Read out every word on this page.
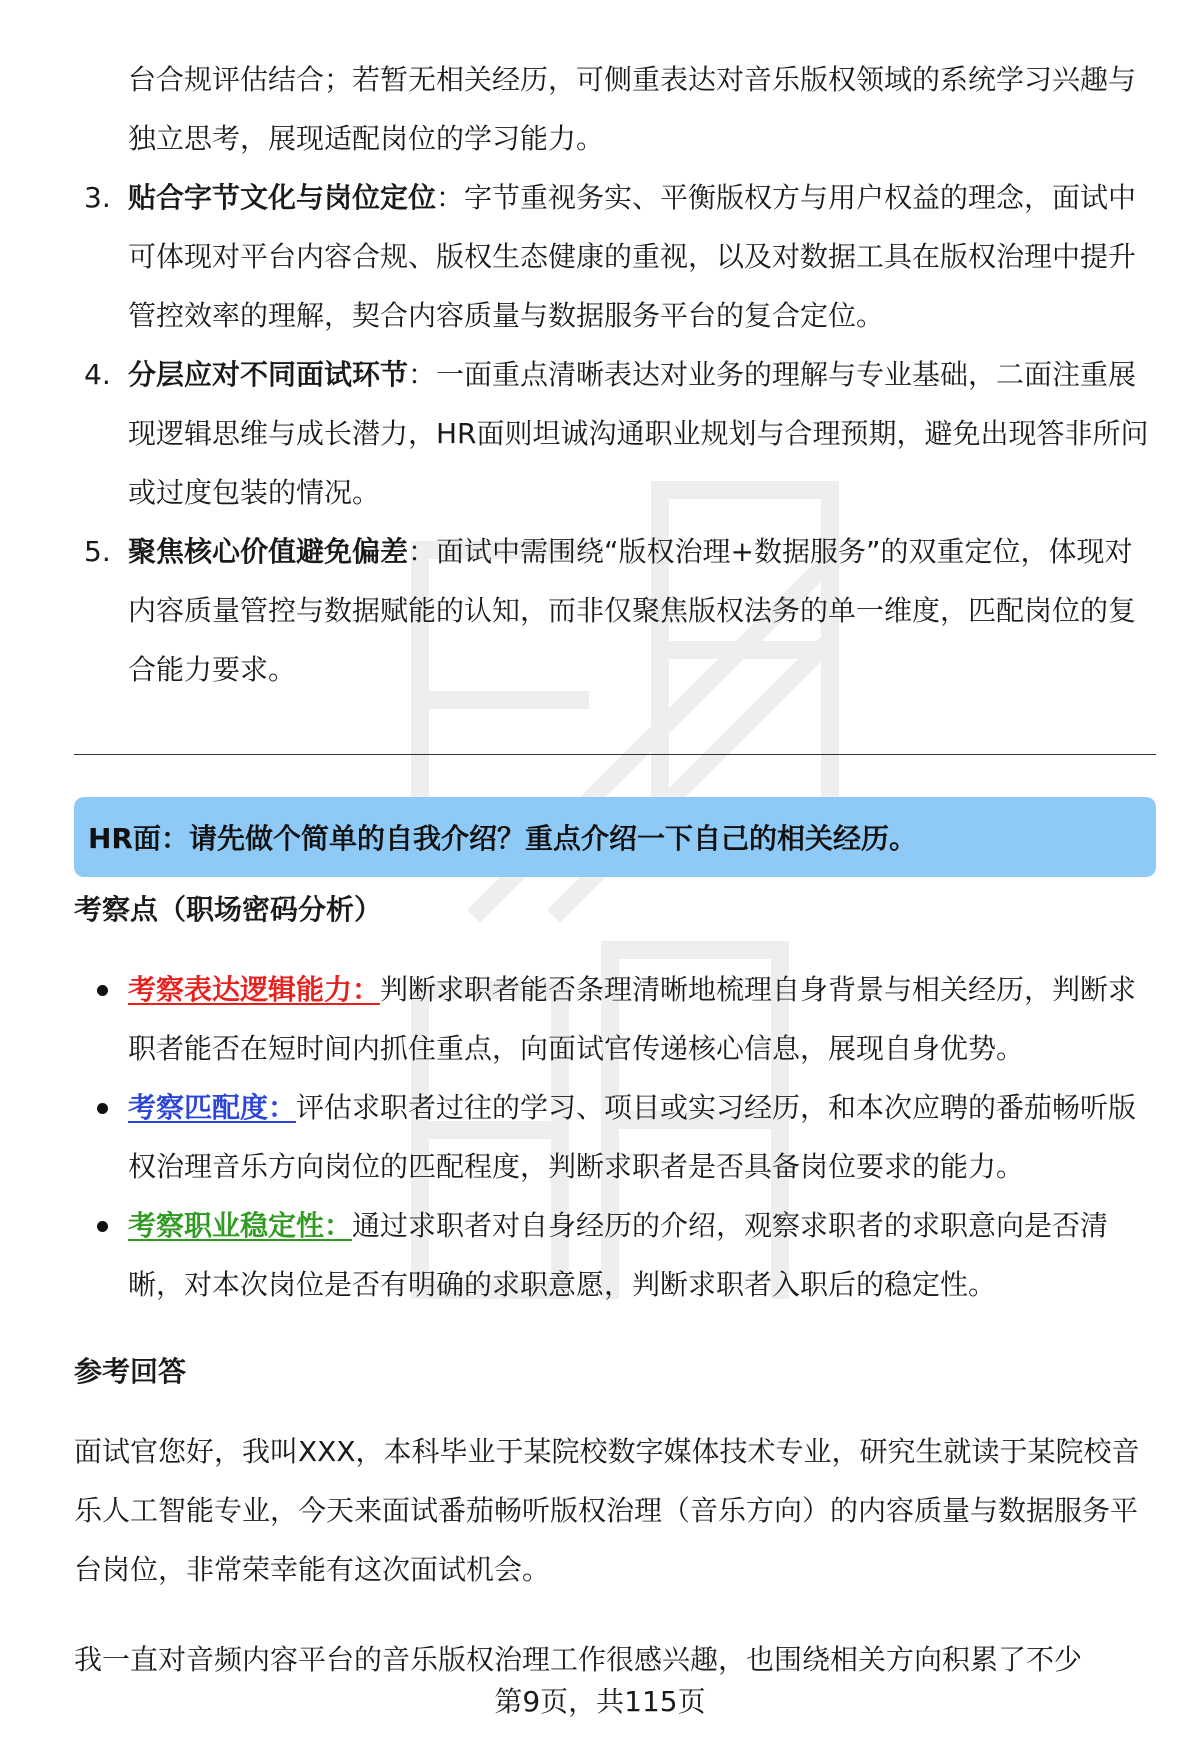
台合规评估结合；若暂无相关经历，可侧重表达对音乐版权领域的系统学习兴趣与独立思考，展现适配岗位的学习能力。
3. 贴合字节文化与岗位定位：字节重视务实、平衡版权方与用户权益的理念，面试中可体现对平台内容合规、版权生态健康的重视，以及对数据工具在版权治理中提升管控效率的理解，契合内容质量与数据服务平台的复合定位。
4. 分层应对不同面试环节：一面重点清晰表达对业务的理解与专业基础，二面注重展现逻辑思维与成长潜力，HR面则坦诚沟通职业规划与合理预期，避免出现答非所问或过度包装的情况。
5. 聚焦核心价值避免偏差：面试中需围绕“版权治理+数据服务”的双重定位，体现对内容质量管控与数据赋能的认知，而非仅聚焦版权法务的单一维度，匹配岗位的复合能力要求。
HR面：请先做个简单的自我介绍？重点介绍一下自己的相关经历。
考察点（职场密码分析）
考察表达逻辑能力：判断求职者能否条理清晰地梳理自身背景与相关经历，判断求职者能否在短时间内抓住重点，向面试官传递核心信息，展现自身优势。
考察匹配度：评估求职者过往的学习、项目或实习经历，和本次应聘的番茄畅听版权治理音乐方向岗位的匹配程度，判断求职者是否具备岗位要求的能力。
考察职业稳定性：通过求职者对自身经历的介绍，观察求职者的求职意向是否清晰，对本次岗位是否有明确的求职意愿，判断求职者入职后的稳定性。
参考回答
面试官您好，我叫XXX，本科毕业于某院校数字媒体技术专业，研究生就读于某院校音乐人工智能专业，今天来面试番茄畅听版权治理（音乐方向）的内容质量与数据服务平台岗位，非常荣幸能有这次面试机会。
我一直对音频内容平台的音乐版权治理工作很感兴趣，也围绕相关方向积累了不少
第9页，共115页
